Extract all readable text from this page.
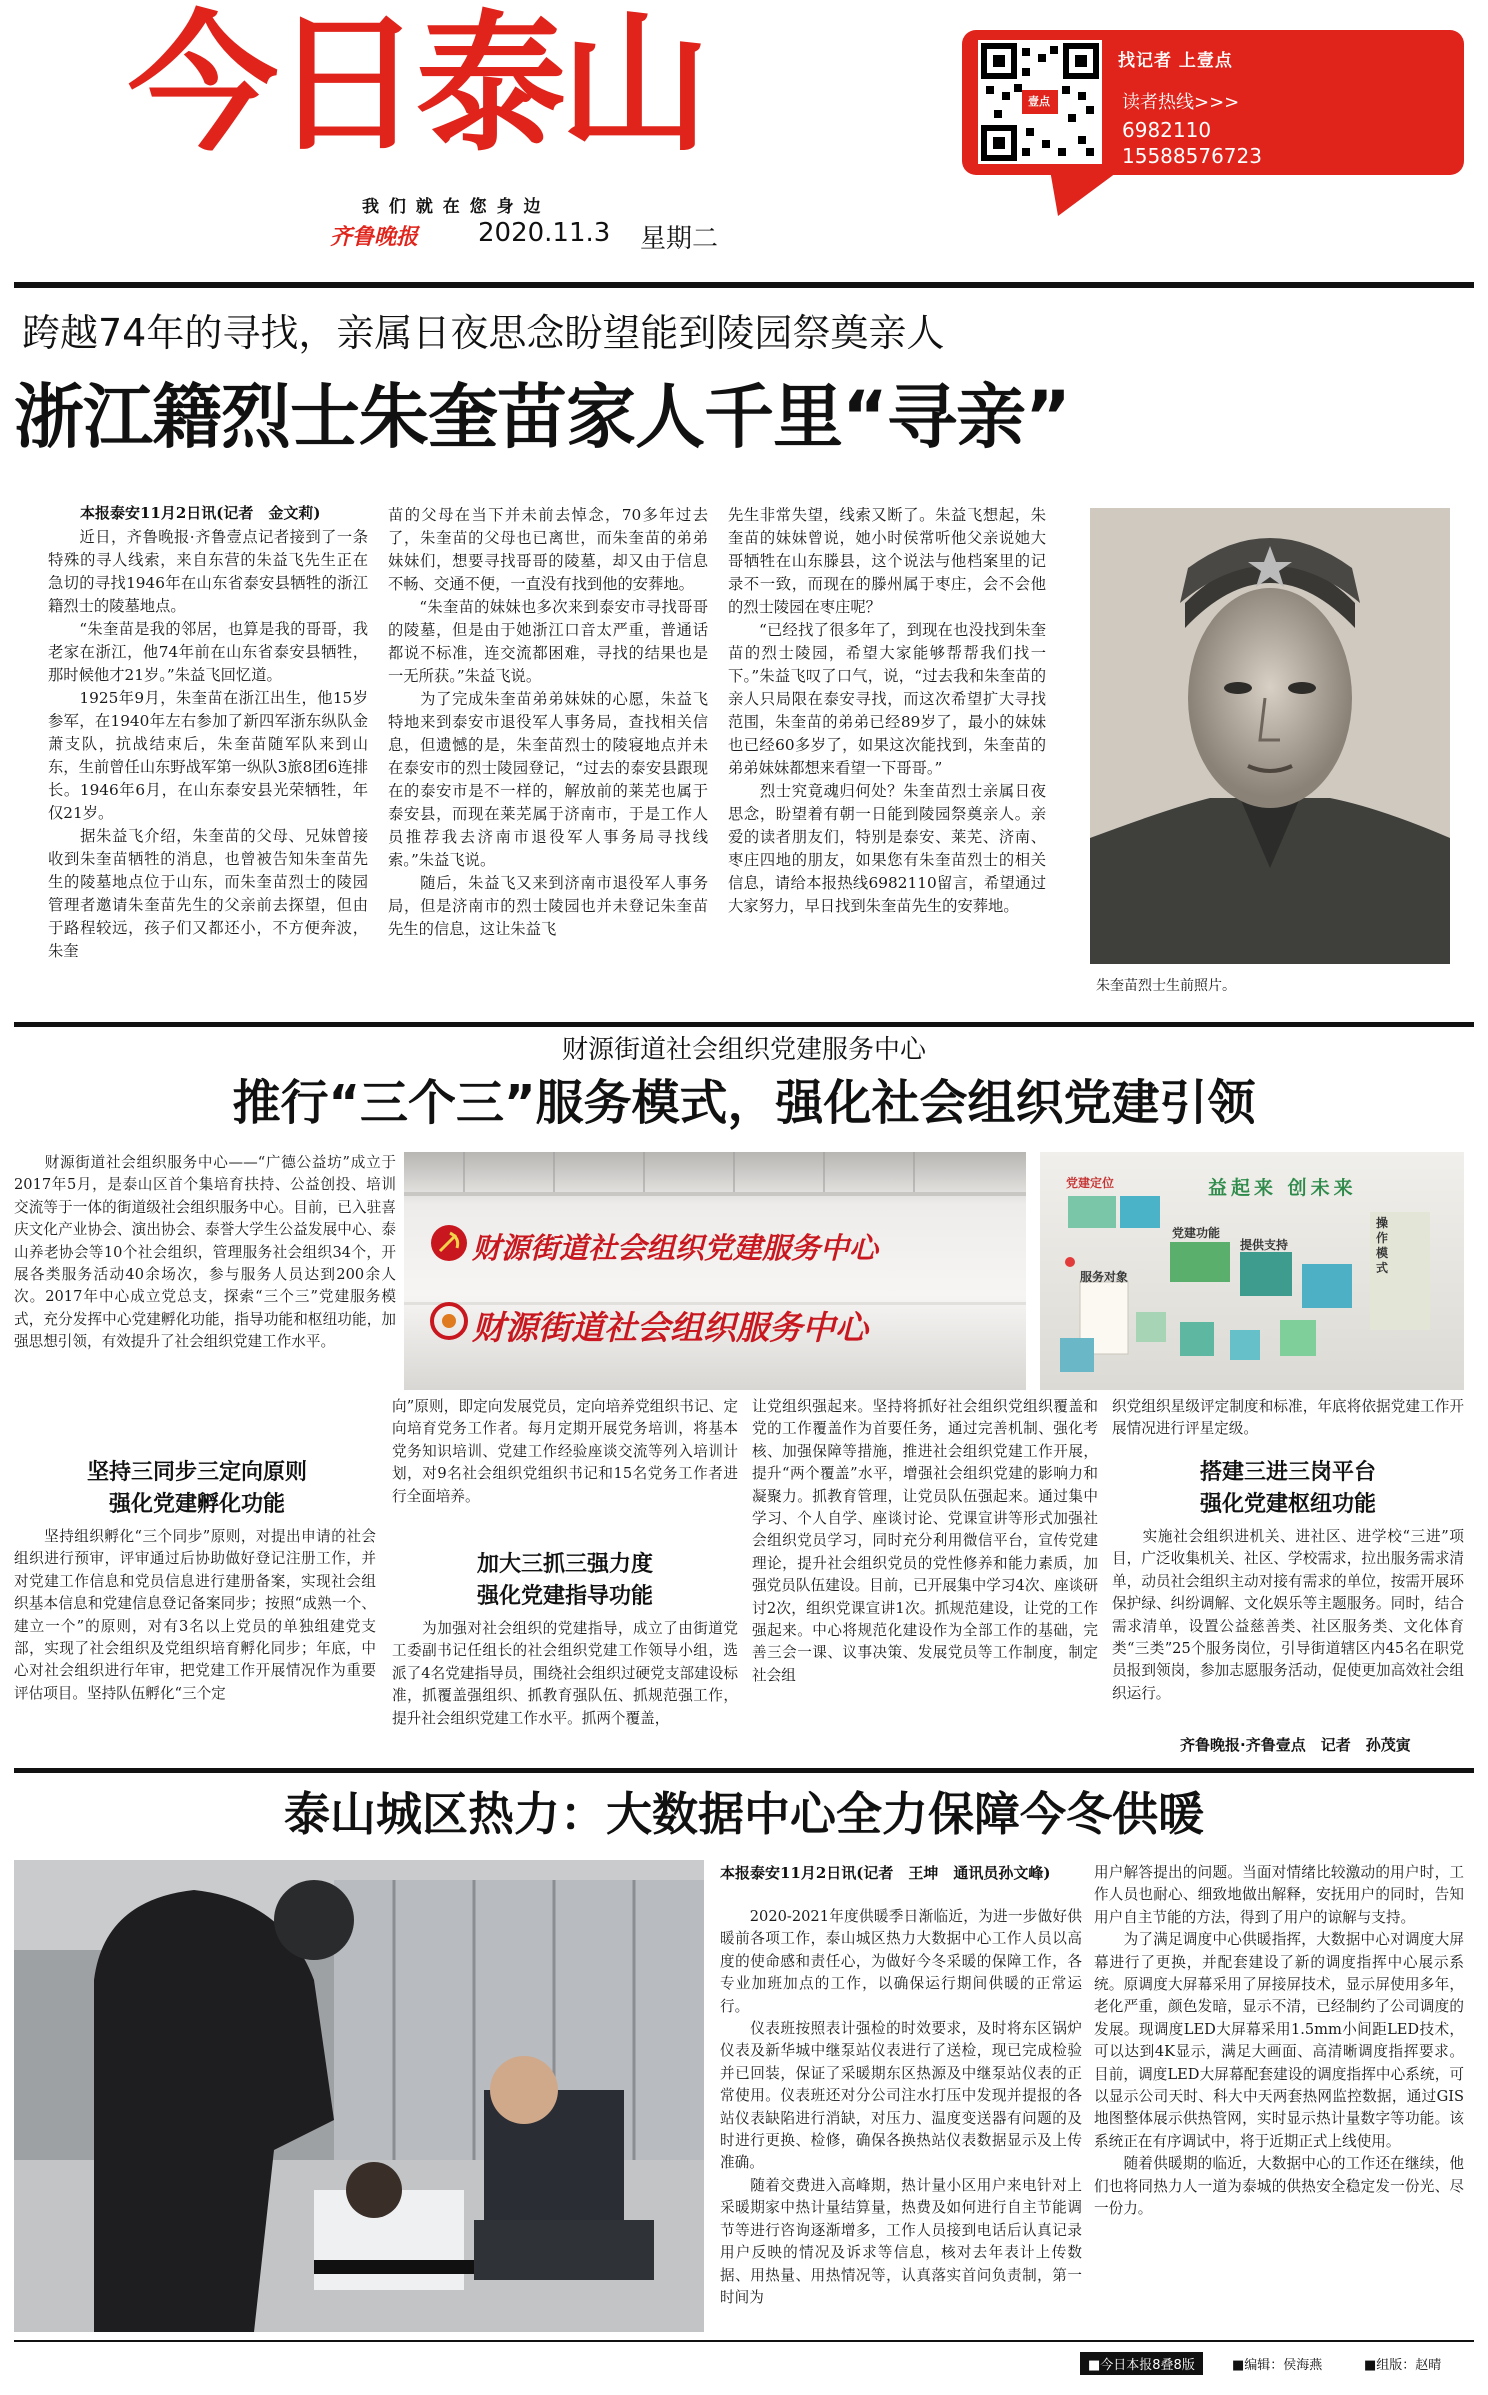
今日泰山
我 们 就 在 您 身 边
齐鲁晚报 2020.11.3 星期二
壹点
找记者 上壹点
读者热线>>>
6982110
15588576723
跨越74年的寻找，亲属日夜思念盼望能到陵园祭奠亲人
浙江籍烈士朱奎苗家人千里“寻亲”
本报泰安11月2日讯(记者　金文莉)
　　近日，齐鲁晚报·齐鲁壹点记者接到了一条特殊的寻人线索，来自东营的朱益飞先生正在急切的寻找1946年在山东省泰安县牺牲的浙江籍烈士的陵墓地点。
　　“朱奎苗是我的邻居，也算是我的哥哥，我老家在浙江，他74年前在山东省泰安县牺牲，那时候他才21岁。”朱益飞回忆道。
　　1925年9月，朱奎苗在浙江出生，他15岁参军，在1940年左右参加了新四军浙东纵队金萧支队，抗战结束后，朱奎苗随军队来到山东，生前曾任山东野战军第一纵队3旅8团6连排长。1946年6月，在山东泰安县光荣牺牲，年仅21岁。
　　据朱益飞介绍，朱奎苗的父母、兄妹曾接收到朱奎苗牺牲的消息，也曾被告知朱奎苗先生的陵墓地点位于山东，而朱奎苗烈士的陵园管理者邀请朱奎苗先生的父亲前去探望，但由于路程较远，孩子们又都还小，不方便奔波，朱奎
苗的父母在当下并未前去悼念，70多年过去了，朱奎苗的父母也已离世，而朱奎苗的弟弟妹妹们，想要寻找哥哥的陵墓，却又由于信息不畅、交通不便，一直没有找到他的安葬地。
　　“朱奎苗的妹妹也多次来到泰安市寻找哥哥的陵墓，但是由于她浙江口音太严重，普通话都说不标准，连交流都困难，寻找的结果也是一无所获。”朱益飞说。
　　为了完成朱奎苗弟弟妹妹的心愿，朱益飞特地来到泰安市退役军人事务局，查找相关信息，但遗憾的是，朱奎苗烈士的陵寝地点并未在泰安市的烈士陵园登记，“过去的泰安县跟现在的泰安市是不一样的，解放前的莱芜也属于泰安县，而现在莱芜属于济南市，于是工作人员推荐我去济南市退役军人事务局寻找线索。”朱益飞说。
　　随后，朱益飞又来到济南市退役军人事务局，但是济南市的烈士陵园也并未登记朱奎苗先生的信息，这让朱益飞
先生非常失望，线索又断了。朱益飞想起，朱奎苗的妹妹曾说，她小时侯常听他父亲说她大哥牺牲在山东滕县，这个说法与他档案里的记录不一致，而现在的滕州属于枣庄，会不会他的烈士陵园在枣庄呢？
　　“已经找了很多年了，到现在也没找到朱奎苗的烈士陵园，希望大家能够帮帮我们找一下。”朱益飞叹了口气，说，“过去我和朱奎苗的亲人只局限在泰安寻找，而这次希望扩大寻找范围，朱奎苗的弟弟已经89岁了，最小的妹妹也已经60多岁了，如果这次能找到，朱奎苗的弟弟妹妹都想来看望一下哥哥。”
　　烈士究竟魂归何处？朱奎苗烈士亲属日夜思念，盼望着有朝一日能到陵园祭奠亲人。亲爱的读者朋友们，特别是泰安、莱芜、济南、枣庄四地的朋友，如果您有朱奎苗烈士的相关信息，请给本报热线6982110留言，希望通过大家努力，早日找到朱奎苗先生的安葬地。
朱奎苗烈士生前照片。
财源街道社会组织党建服务中心
推行“三个三”服务模式，强化社会组织党建引领
　　财源街道社会组织服务中心——“广德公益坊”成立于2017年5月，是泰山区首个集培育扶持、公益创投、培训交流等于一体的街道级社会组织服务中心。目前，已入驻喜庆文化产业协会、演出协会、泰誉大学生公益发展中心、泰山养老协会等10个社会组织，管理服务社会组织34个，开展各类服务活动40余场次，参与服务人员达到200余人次。2017年中心成立党总支，探索“三个三”党建服务模式，充分发挥中心党建孵化功能，指导功能和枢纽功能，加强思想引领，有效提升了社会组织党建工作水平。
财源街道社会组织党建服务中心
财源街道社会组织服务中心
益起来 创未来
党建定位
服务对象
党建功能
提供支持
操作模式
坚持三同步三定向原则
强化党建孵化功能
　　坚持组织孵化“三个同步”原则，对提出申请的社会组织进行预审，评审通过后协助做好登记注册工作，并对党建工作信息和党员信息进行建册备案，实现社会组织基本信息和党建信息登记备案同步；按照“成熟一个、建立一个”的原则，对有3名以上党员的单独组建党支部，实现了社会组织及党组织培育孵化同步；年底，中心对社会组织进行年审，把党建工作开展情况作为重要评估项目。坚持队伍孵化“三个定
向”原则，即定向发展党员，定向培养党组织书记、定向培育党务工作者。每月定期开展党务培训，将基本党务知识培训、党建工作经验座谈交流等列入培训计划，对9名社会组织党组织书记和15名党务工作者进行全面培养。
加大三抓三强力度
强化党建指导功能
　　为加强对社会组织的党建指导，成立了由街道党工委副书记任组长的社会组织党建工作领导小组，选派了4名党建指导员，围绕社会组织过硬党支部建设标准，抓覆盖强组织、抓教育强队伍、抓规范强工作，提升社会组织党建工作水平。抓两个覆盖，
让党组织强起来。坚持将抓好社会组织党组织覆盖和党的工作覆盖作为首要任务，通过完善机制、强化考核、加强保障等措施，推进社会组织党建工作开展，提升“两个覆盖”水平，增强社会组织党建的影响力和凝聚力。抓教育管理，让党员队伍强起来。通过集中学习、个人自学、座谈讨论、党课宣讲等形式加强社会组织党员学习，同时充分利用微信平台，宣传党建理论，提升社会组织党员的党性修养和能力素质，加强党员队伍建设。目前，已开展集中学习4次、座谈研讨2次，组织党课宣讲1次。抓规范建设，让党的工作强起来。中心将规范化建设作为全部工作的基础，完善三会一课、议事决策、发展党员等工作制度，制定社会组
织党组织星级评定制度和标准，年底将依据党建工作开展情况进行评星定级。
搭建三进三岗平台
强化党建枢纽功能
　　实施社会组织进机关、进社区、进学校“三进”项目，广泛收集机关、社区、学校需求，拉出服务需求清单，动员社会组织主动对接有需求的单位，按需开展环保护绿、纠纷调解、文化娱乐等主题服务。同时，结合需求清单，设置公益慈善类、社区服务类、文化体育类“三类”25个服务岗位，引导街道辖区内45名在职党员报到领岗，参加志愿服务活动，促使更加高效社会组织运行。
齐鲁晚报·齐鲁壹点　记者　孙茂寅
泰山城区热力：大数据中心全力保障今冬供暖
本报泰安11月2日讯(记者　王坤　通讯员孙文峰)
　　2020-2021年度供暖季日渐临近，为进一步做好供暖前各项工作，泰山城区热力大数据中心工作人员以高度的使命感和责任心，为做好今冬采暖的保障工作，各专业加班加点的工作，以确保运行期间供暖的正常运行。
　　仪表班按照表计强检的时效要求，及时将东区锅炉仪表及新华城中继泵站仪表进行了送检，现已完成检验并已回装，保证了采暖期东区热源及中继泵站仪表的正常使用。仪表班还对分公司注水打压中发现并提报的各站仪表缺陷进行消缺，对压力、温度变送器有问题的及时进行更换、检修，确保各换热站仪表数据显示及上传准确。
　　随着交费进入高峰期，热计量小区用户来电针对上采暖期家中热计量结算量，热费及如何进行自主节能调节等进行咨询逐渐增多，工作人员接到电话后认真记录用户反映的情况及诉求等信息，核对去年表计上传数据、用热量、用热情况等，认真落实首问负责制，第一时间为
用户解答提出的问题。当面对情绪比较激动的用户时，工作人员也耐心、细致地做出解释，安抚用户的同时，告知用户自主节能的方法，得到了用户的谅解与支持。
　　为了满足调度中心供暖指挥，大数据中心对调度大屏幕进行了更换，并配套建设了新的调度指挥中心展示系统。原调度大屏幕采用了屏接屏技术，显示屏使用多年，老化严重，颜色发暗，显示不清，已经制约了公司调度的发展。现调度LED大屏幕采用1.5mm小间距LED技术，可以达到4K显示，满足大画面、高清晰调度指挥要求。目前，调度LED大屏幕配套建设的调度指挥中心系统，可以显示公司天时、科大中天两套热网监控数据，通过GIS地图整体展示供热管网，实时显示热计量数字等功能。该系统正在有序调试中，将于近期正式上线使用。
　　随着供暖期的临近，大数据中心的工作还在继续，他们也将同热力人一道为泰城的供热安全稳定发一份光、尽一份力。
■今日本报8叠8版	■编辑：侯海燕	■组版：赵晴
